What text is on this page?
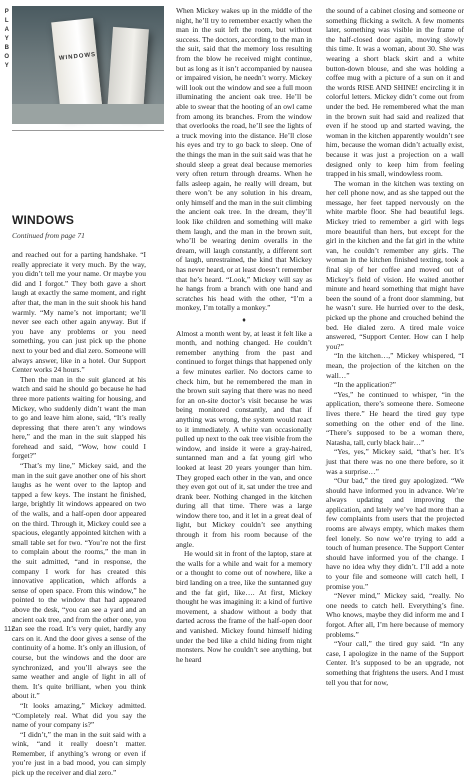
P
L
A
Y
B
O
Y
WINDOWS
WINDOWS
Continued from page 71

and reached out for a parting handshake. “I really appreciate it very much. By the way, you didn’t tell me your name. Or maybe you did and I forgot.” They both gave a short laugh at exactly the same moment, and right after that, the man in the suit shook his hand warmly. “My name’s not important; we’ll never see each other again anyway. But if you have any problems or you need something, you can just pick up the phone next to your bed and dial zero. Someone will always answer, like in a hotel. Our Support Center works 24 hours.”

Then the man in the suit glanced at his watch and said he should go because he had three more patients waiting for housing, and Mickey, who suddenly didn’t want the man to go and leave him alone, said, “It’s really depressing that there aren’t any windows here,” and the man in the suit slapped his forehead and said, “Wow, how could I forget?”

“That’s my line,” Mickey said, and the man in the suit gave another one of his short laughs as he went over to the laptop and tapped a few keys. The instant he finished, large, brightly lit windows appeared on two of the walls, and a half-open door appeared on the third. Through it, Mickey could see a spacious, elegantly appointed kitchen with a small table set for two. “You’re not the first to complain about the rooms,” the man in the suit admitted, “and in response, the company I work for has created this innovative application, which affords a sense of open space. From this window,” he pointed to the window that had appeared above the desk, “you can see a yard and an ancient oak tree, and from the other one, you can see the road. It’s very quiet, hardly any cars on it. And the door gives a sense of the continuity of a home. It’s only an illusion, of course, but the windows and the door are synchronized, and you’ll always see the same weather and angle of light in all of them. It’s quite brilliant, when you think about it.”

“It looks amazing,” Mickey admitted. “Completely real. What did you say the name of your company is?”

“I didn’t,” the man in the suit said with a wink, “and it really doesn’t matter. Remember, if anything’s wrong or even if you’re just in a bad mood, you can simply pick up the receiver and dial zero.”

When Mickey wakes up in the middle of the night, he’ll try to remember exactly when the man in the suit left the room, but without success. The doctors, according to the man in the suit, said that the memory loss resulting from the blow he received might continue, but as long as it isn’t accompanied by nausea or impaired vision, he needn’t worry. Mickey will look out the window and see a full moon illuminating the ancient oak tree. He’ll be able to swear that the hooting of an owl came from among its branches. From the window that overlooks the road, he’ll see the lights of a truck moving into the distance. He’ll close his eyes and try to go back to sleep. One of the things the man in the suit said was that he should sleep a great deal because memories very often return through dreams. When he falls asleep again, he really will dream, but there won’t be any solution in his dream, only himself and the man in the suit climbing the ancient oak tree. In the dream, they’ll look like children and something will make them laugh, and the man in the brown suit, who’ll be wearing denim overalls in the dream, will laugh constantly, a different sort of laugh, unrestrained, the kind that Mickey has never heard, or at least doesn’t remember that he’s heard. “Look,” Mickey will say as he hangs from a branch with one hand and scratches his head with the other, “I’m a monkey, I’m totally a monkey.”

♦

Almost a month went by, at least it felt like a month, and nothing changed. He couldn’t remember anything from the past and continued to forget things that happened only a few minutes earlier. No doctors came to check him, but he remembered the man in the brown suit saying that there was no need for an on-site doctor’s visit because he was being monitored constantly, and that if anything was wrong, the system would react to it immediately. A white van occasionally pulled up next to the oak tree visible from the window, and inside it were a gray-haired, suntanned man and a fat young girl who looked at least 20 years younger than him. They groped each other in the van, and once they even got out of it, sat under the tree and drank beer. Nothing changed in the kitchen during all that time. There was a large window there too, and it let in a great deal of light, but Mickey couldn’t see anything through it from his room because of the angle.

He would sit in front of the laptop, stare at the walls for a while and wait for a memory or a thought to come out of nowhere, like a bird landing on a tree, like the suntanned guy and the fat girl, like…. At first, Mickey thought he was imagining it: a kind of furtive movement, a shadow without a body that darted across the frame of the half-open door and vanished. Mickey found himself hiding under the bed like a child hiding from night monsters. Now he couldn’t see anything, but he heard

the sound of a cabinet closing and someone or something flicking a switch. A few moments later, something was visible in the frame of the half-closed door again, moving slowly this time. It was a woman, about 30. She was wearing a short black skirt and a white button-down blouse, and she was holding a coffee mug with a picture of a sun on it and the words RISE AND SHINE! encircling it in colorful letters. Mickey didn’t come out from under the bed. He remembered what the man in the brown suit had said and realized that even if he stood up and started waving, the woman in the kitchen apparently wouldn’t see him, because the woman didn’t actually exist, because it was just a projection on a wall designed only to keep him from feeling trapped in his small, windowless room.

The woman in the kitchen was texting on her cell phone now, and as she tapped out the message, her feet tapped nervously on the white marble floor. She had beautiful legs. Mickey tried to remember a girl with legs more beautiful than hers, but except for the girl in the kitchen and the fat girl in the white van, he couldn’t remember any girls. The woman in the kitchen finished texting, took a final sip of her coffee and moved out of Mickey’s field of vision. He waited another minute and heard something that might have been the sound of a front door slamming, but he wasn’t sure. He hurried over to the desk, picked up the phone and crouched behind the bed. He dialed zero. A tired male voice answered, “Support Center. How can I help you?”

“In the kitchen…,” Mickey whispered, “I mean, the projection of the kitchen on the wall…”

“In the application?”

“Yes,” he continued to whisper, “in the application, there’s someone there. Someone lives there.” He heard the tired guy type something on the other end of the line. “There’s supposed to be a woman there, Natasha, tall, curly black hair…”

“Yes, yes,” Mickey said, “that’s her. It’s just that there was no one there before, so it was a surprise…”

“Our bad,” the tired guy apologized. “We should have informed you in advance. We’re always updating and improving the application, and lately we’ve had more than a few complaints from users that the projected rooms are always empty, which makes them feel lonely. So now we’re trying to add a touch of human presence. The Support Center should have informed you of the change. I have no idea why they didn’t. I’ll add a note to your file and someone will catch hell, I promise you.”

“Never mind,” Mickey said, “really. No one needs to catch hell. Everything’s fine. Who knows, maybe they did inform me and I forgot. After all, I’m here because of memory problems.”

“Your call,” the tired guy said. “In any case, I apologize in the name of the Support Center. It’s supposed to be an upgrade, not something that frightens the users. And I must tell you that for now,

112
